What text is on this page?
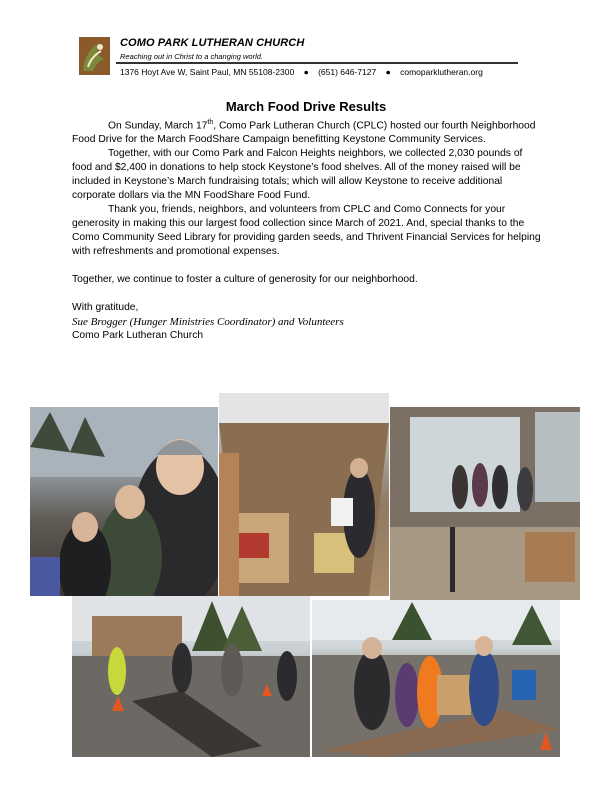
COMO PARK LUTHERAN CHURCH
Reaching out in Christ to a changing world.
1376 Hoyt Ave W, Saint Paul, MN 55108-2300 ● (651) 646-7127 ● comoparklutheran.org
March Food Drive Results

On Sunday, March 17th, Como Park Lutheran Church (CPLC) hosted our fourth Neighborhood Food Drive for the March FoodShare Campaign benefitting Keystone Community Services.

Together, with our Como Park and Falcon Heights neighbors, we collected 2,030 pounds of food and $2,400 in donations to help stock Keystone’s food shelves. All of the money raised will be included in Keystone’s March fundraising totals; which will allow Keystone to receive additional corporate dollars via the MN FoodShare Food Fund.

Thank you, friends, neighbors, and volunteers from CPLC and Como Connects for your generosity in making this our largest food collection since March of 2021. And, special thanks to the Como Community Seed Library for providing garden seeds, and Thrivent Financial Services for helping with refreshments and promotional expenses.

Together, we continue to foster a culture of generosity for our neighborhood.

With gratitude,

Sue Brogger (Hunger Ministries Coordinator) and Volunteers

Como Park Lutheran Church
